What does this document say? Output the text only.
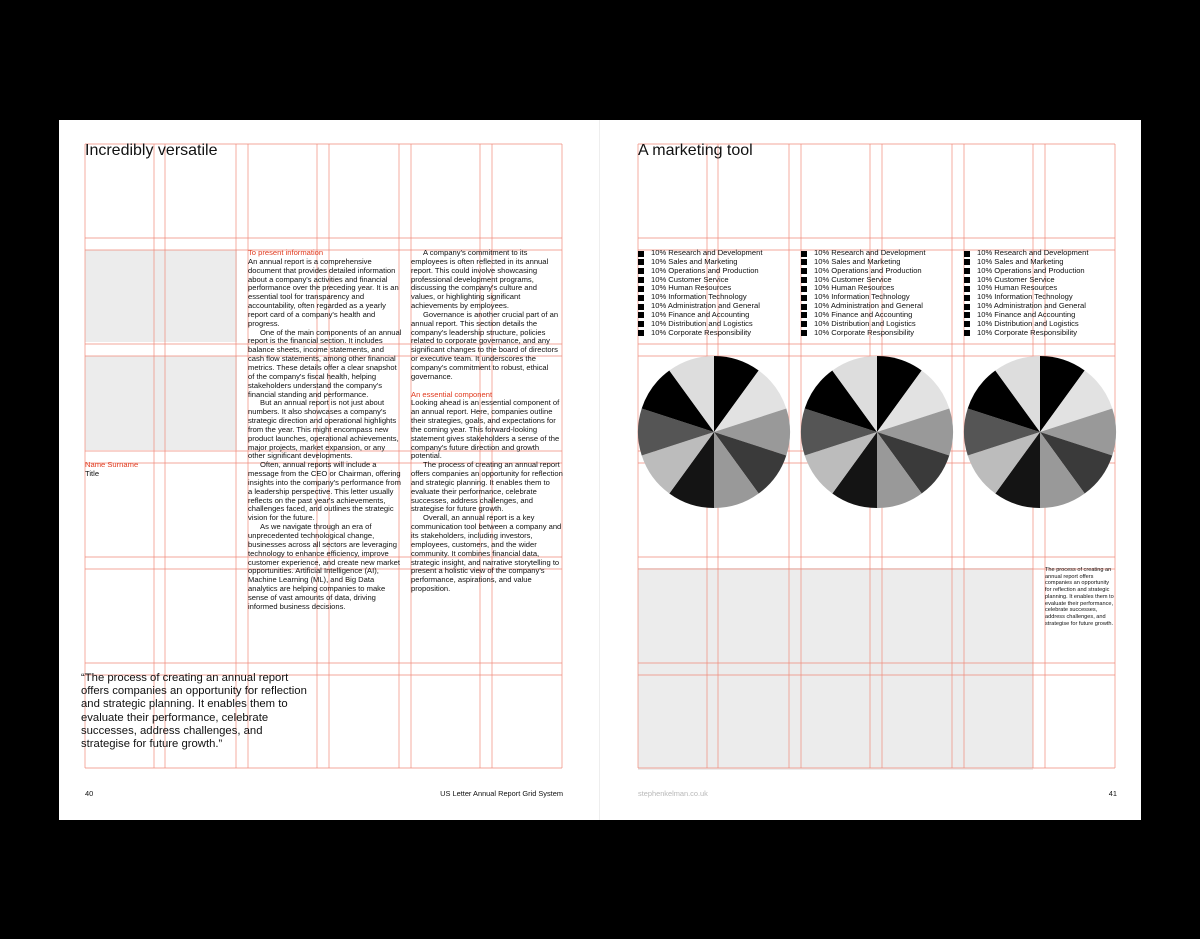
Incredibly versatile
To present information

An annual report is a comprehensive document that provides detailed information about a company's activities and financial performance over the preceding year. It is an essential tool for transparency and accountability, often regarded as a yearly report card of a company's health and progress.

One of the main components of an annual report is the financial section. It includes balance sheets, income statements, and cash flow statements, among other financial metrics. These details offer a clear snapshot of the company's fiscal health, helping stakeholders understand the company's financial standing and performance.

But an annual report is not just about numbers. It also showcases a company's strategic direction and operational highlights from the year. This might encompass new product launches, operational achievements, major projects, market expansion, or any other significant developments.

Often, annual reports will include a message from the CEO or Chairman, offering insights into the company's performance from a leadership perspective. This letter usually reflects on the past year's achievements, challenges faced, and outlines the strategic vision for the future.

As we navigate through an era of unprecedented technological change, businesses across all sectors are leveraging technology to enhance efficiency, improve customer experience, and create new market opportunities. Artificial Intelligence (AI), Machine Learning (ML), and Big Data analytics are helping companies to make sense of vast amounts of data, driving informed business decisions.

A company's commitment to its employees is often reflected in its annual report. This could involve showcasing professional development programs, discussing the company's culture and values, or highlighting significant achievements by employees.

Governance is another crucial part of an annual report. This section details the company's leadership structure, policies related to corporate governance, and any significant changes to the board of directors or executive team. It underscores the company's commitment to robust, ethical governance.

An essential component

Looking ahead is an essential component of an annual report. Here, companies outline their strategies, goals, and expectations for the coming year. This forward-looking statement gives stakeholders a sense of the company's future direction and growth potential.

The process of creating an annual report offers companies an opportunity for reflection and strategic planning. It enables them to evaluate their performance, celebrate successes, address challenges, and strategise for future growth.

Overall, an annual report is a key communication tool between a company and its stakeholders, including investors, employees, customers, and the wider community. It combines financial data, strategic insight, and narrative storytelling to present a holistic view of the company's performance, aspirations, and value proposition.

Name Surname
Title
“The process of creating an annual report offers companies an opportunity for reflection and strategic planning. It enables them to evaluate their performance, celebrate successes, address challenges, and strategise for future growth.”
40	US Letter Annual Report Grid System
A marketing tool
10% Research and Development
10% Sales and Marketing
10% Operations and Production
10% Customer Service
10% Human Resources
10% Information Technology
10% Administration and General
10% Finance and Accounting
10% Distribution and Logistics
10% Corporate Responsibility
10% Research and Development
10% Sales and Marketing
10% Operations and Production
10% Customer Service
10% Human Resources
10% Information Technology
10% Administration and General
10% Finance and Accounting
10% Distribution and Logistics
10% Corporate Responsibility
10% Research and Development
10% Sales and Marketing
10% Operations and Production
10% Customer Service
10% Human Resources
10% Information Technology
10% Administration and General
10% Finance and Accounting
10% Distribution and Logistics
10% Corporate Responsibility
The process of creating an annual report offers companies an opportunity for reflection and strategic planning. It enables them to evaluate their performance, celebrate successes, address challenges, and strategise for future growth.
stephenkelman.co.uk	41
